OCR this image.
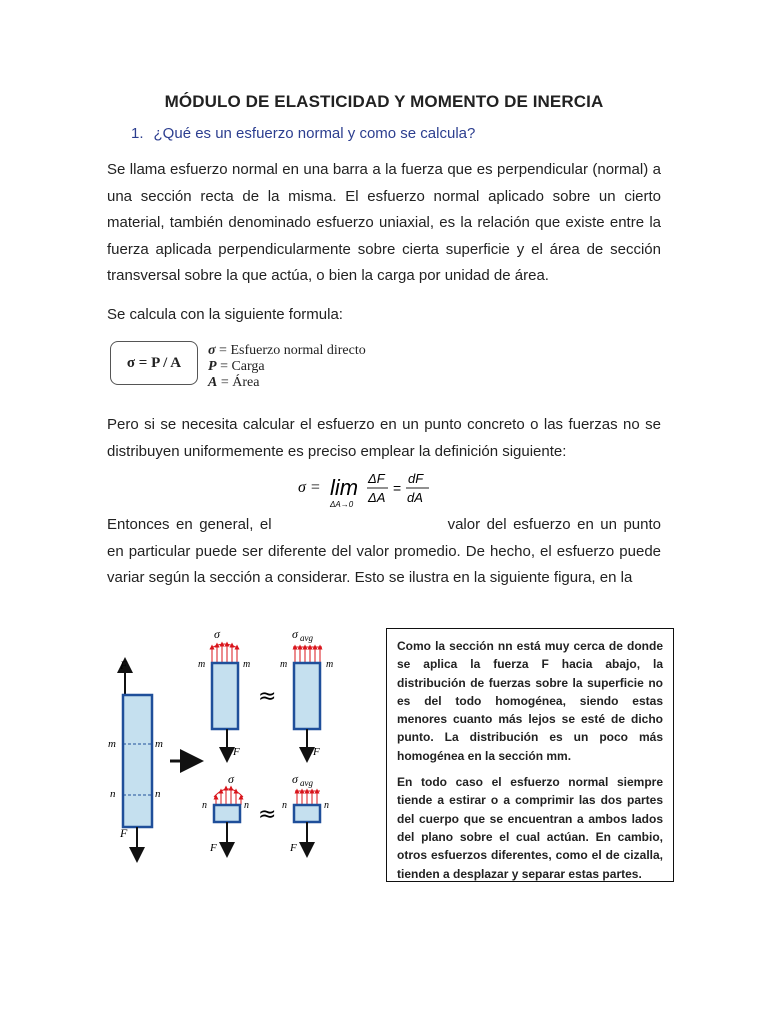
MÓDULO DE ELASTICIDAD Y MOMENTO DE INERCIA
1. ¿Qué es un esfuerzo normal y como se calcula?
Se llama esfuerzo normal en una barra a la fuerza que es perpendicular (normal) a una sección recta de la misma. El esfuerzo normal aplicado sobre un cierto material, también denominado esfuerzo uniaxial, es la relación que existe entre la fuerza aplicada perpendicularmente sobre cierta superficie y el área de sección transversal sobre la que actúa, o bien la carga por unidad de área.
Se calcula con la siguiente formula:
σ = P / A
σ = Esfuerzo normal directo
P = Carga
A = Área
Pero si se necesita calcular el esfuerzo en un punto concreto o las fuerzas no se distribuyen uniformemente es preciso emplear la definición siguiente:
σ = lim
ΔA→0
ΔF
ΔA
=
dF
dA
Entonces en general, el	valor del esfuerzo en un punto en particular puede ser diferente del valor promedio. De hecho, el esfuerzo puede variar según la sección a considerar. Esto se ilustra en la siguiente figura, en la
F
m	m
n	n
F
σ
m	m
F
≈
σ avg
m	m
F
σ
n	n
F
≈
σ avg
n	n
F

Como la sección nn está muy cerca de donde se aplica la fuerza F hacia abajo, la distribución de fuerzas sobre la superficie no es del todo homogénea, siendo estas menores cuanto más lejos se esté de dicho punto. La distribución es un poco más homogénea en la sección mm.

En todo caso el esfuerzo normal siempre tiende a estirar o a comprimir las dos partes del cuerpo que se encuentran a ambos lados del plano sobre el cual actúan. En cambio, otros esfuerzos diferentes, como el de cizalla, tienden a desplazar y separar estas partes.
